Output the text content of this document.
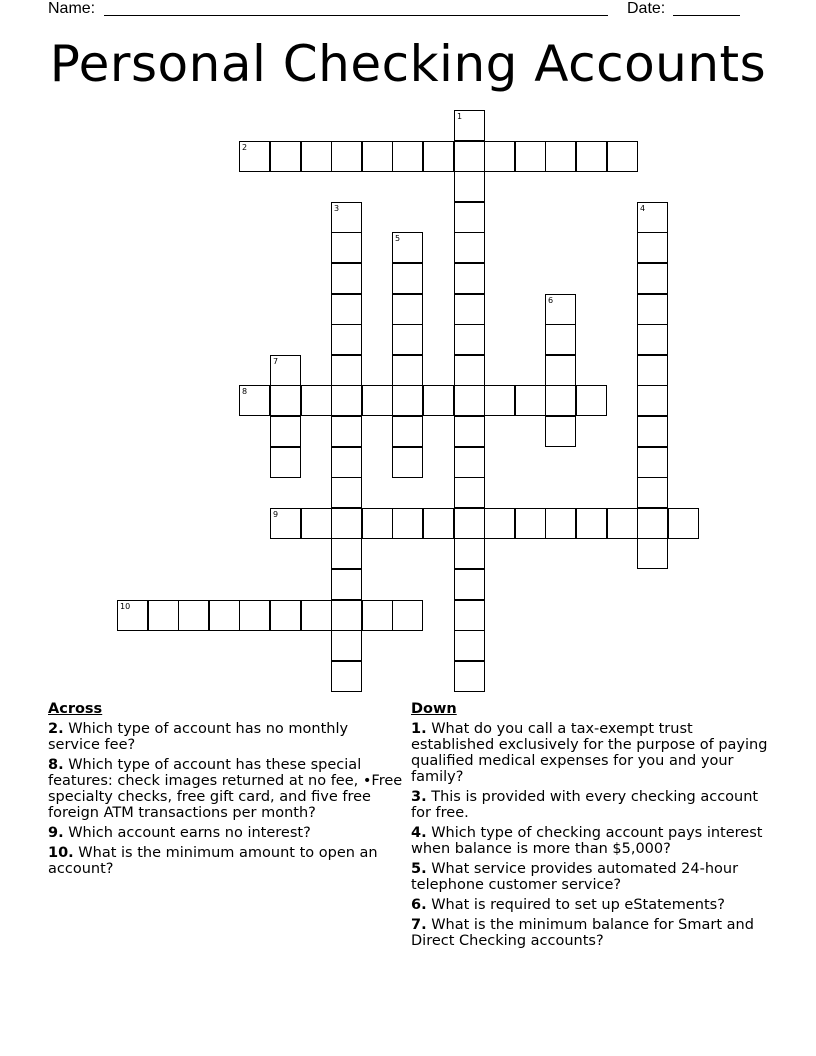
Name:	Date:
Personal Checking Accounts
1
2
3	4
5
6
7
8
9
10
Across
2. Which type of account has no monthly service fee?
8. Which type of account has these special features: check images returned at no fee, •Free specialty checks, free gift card, and five free foreign ATM transactions per month?
9. Which account earns no interest?
10. What is the minimum amount to open an account?
Down
1. What do you call a tax-exempt trust established exclusively for the purpose of paying qualified medical expenses for you and your family?
3. This is provided with every checking account for free.
4. Which type of checking account pays interest when balance is more than $5,000?
5. What service provides automated 24-hour telephone customer service?
6. What is required to set up eStatements?
7. What is the minimum balance for Smart and Direct Checking accounts?
